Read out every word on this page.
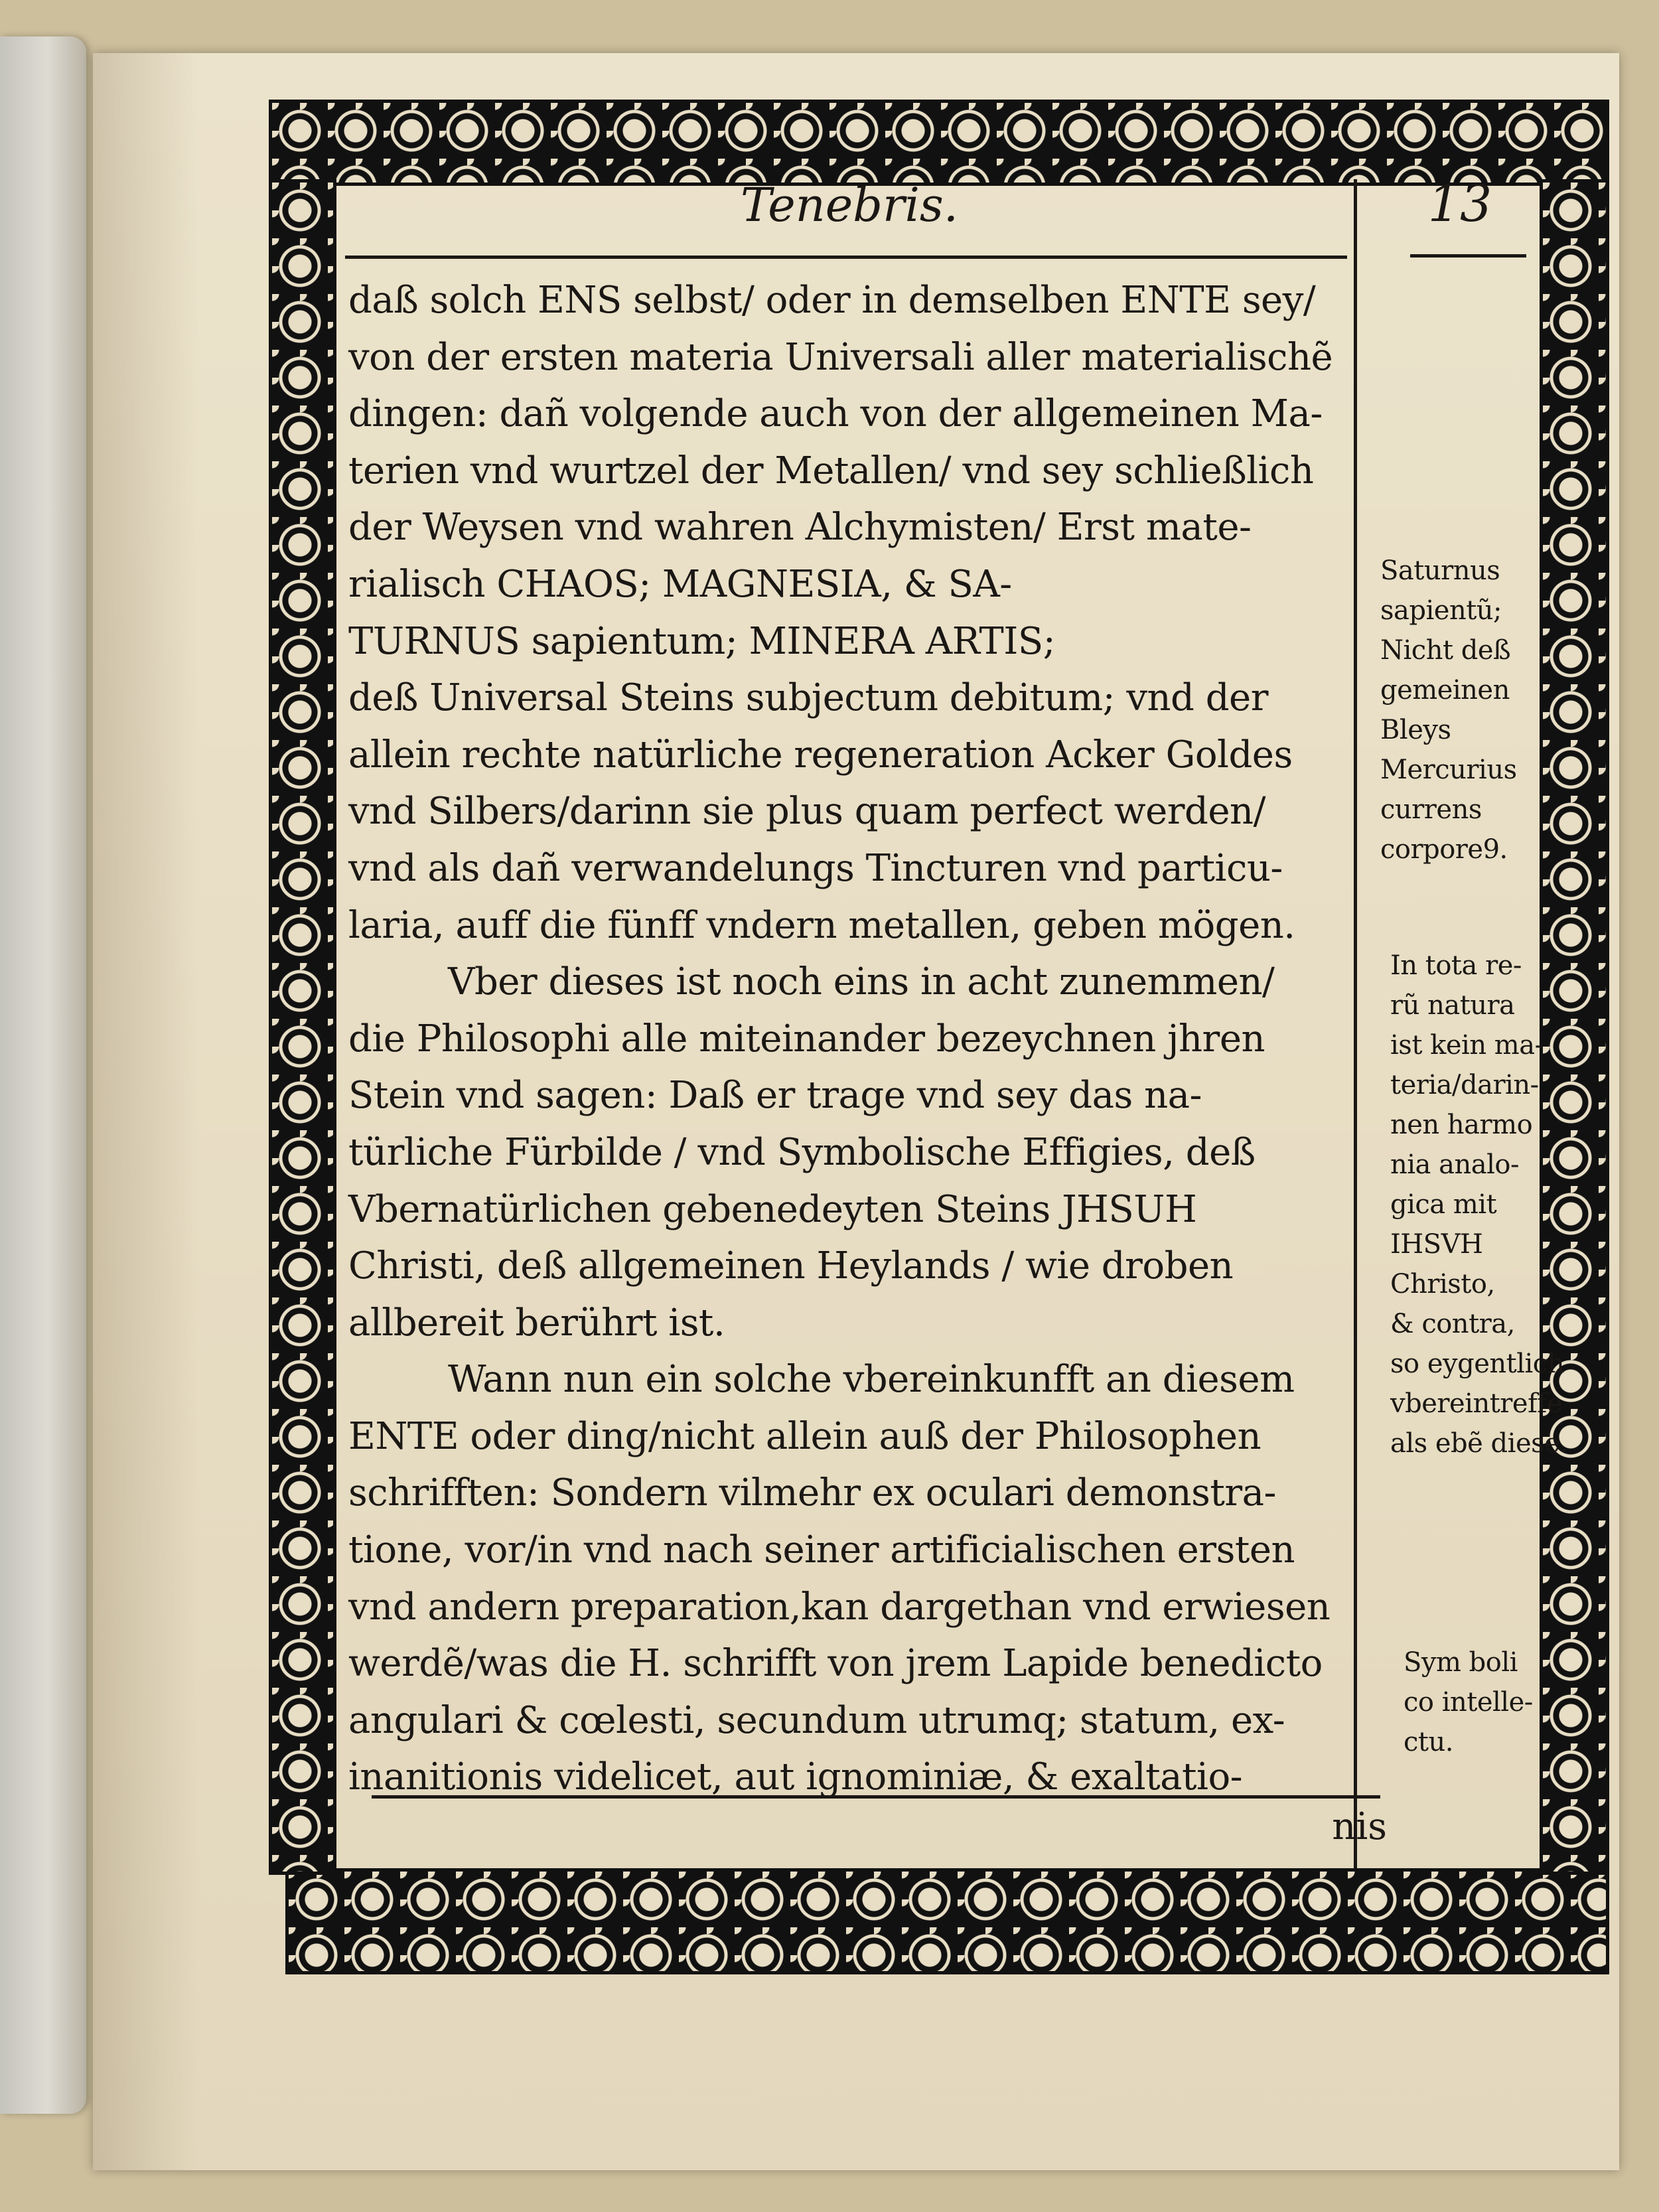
Tenebris.	13
daß solch ENS selbst/ oder in demselben ENTE sey/
von der ersten materia Universali aller materialischẽ
dingen: dañ volgende auch von der allgemeinen Ma-
terien vnd wurtzel der Metallen/ vnd sey schließlich
der Weysen vnd wahren Alchymisten/ Erst mate-
rialisch CHAOS; MAGNESIA, & SA-
TURNUS sapientum; MINERA ARTIS;
deß Universal Steins subjectum debitum; vnd der
allein rechte natürliche regeneration Acker Goldes
vnd Silbers/darinn sie plus quam perfect werden/
vnd als dañ verwandelungs Tincturen vnd particu-
laria, auff die fünff vndern metallen, geben mögen.
Vber dieses ist noch eins in acht zunemmen/
die Philosophi alle miteinander bezeychnen jhren
Stein vnd sagen: Daß er trage vnd sey das na-
türliche Fürbilde / vnd Symbolische Effigies, deß
Vbernatürlichen gebenedeyten Steins JHSUH
Christi, deß allgemeinen Heylands / wie droben
allbereit berührt ist.
Wann nun ein solche vbereinkunfft an diesem
ENTE oder ding/nicht allein auß der Philosophen
schrifften: Sondern vilmehr ex oculari demonstra-
tione, vor/in vnd nach seiner artificialischen ersten
vnd andern preparation,kan dargethan vnd erwiesen
werdẽ/was die H. schrifft von jrem Lapide benedicto
angulari & cœlesti, secundum utrumq; statum, ex-
inanitionis videlicet, aut ignominiæ, & exaltatio-
Saturnus
sapientũ;
Nicht deß
gemeinen
Bleys
Mercurius
currens
corpore9.
In tota re-
rũ natura
ist kein ma-
teria/darin-
nen harmo
nia analo-
gica mit
IHSVH
Christo,
& contra,
so eygentlich
vbereintreffe
als ebẽ diese.
Sym boli
co intelle-
ctu.
nis
